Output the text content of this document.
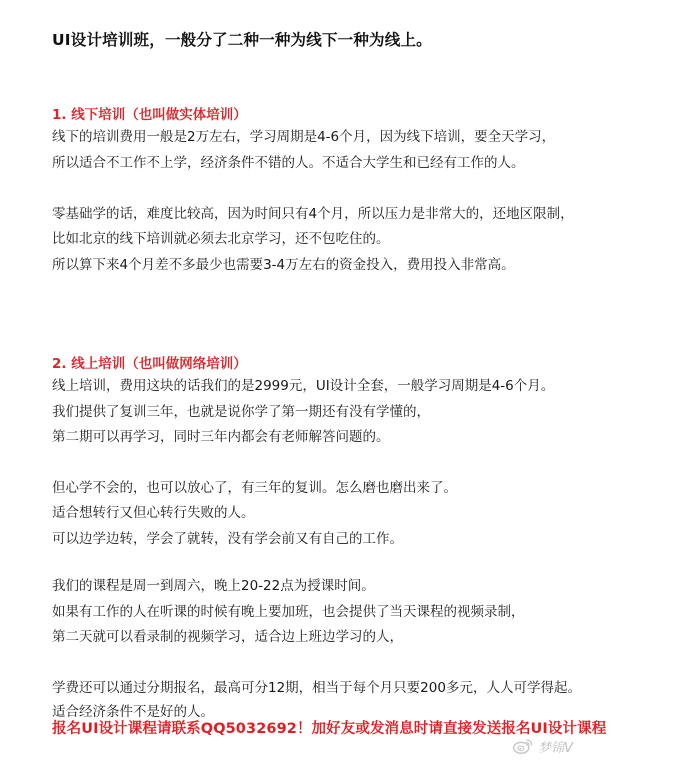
UI设计培训班，一般分了二种一种为线下一种为线上。
1. 线下培训（也叫做实体培训）
线下的培训费用一般是2万左右，学习周期是4-6个月，因为线下培训，要全天学习，
所以适合不工作不上学，经济条件不错的人。不适合大学生和已经有工作的人。
零基础学的话，难度比较高，因为时间只有4个月，所以压力是非常大的，还地区限制，
比如北京的线下培训就必须去北京学习，还不包吃住的。
所以算下来4个月差不多最少也需要3-4万左右的资金投入，费用投入非常高。
2. 线上培训（也叫做网络培训）
线上培训，费用这块的话我们的是2999元，UI设计全套，一般学习周期是4-6个月。
我们提供了复训三年，也就是说你学了第一期还有没有学懂的，
第二期可以再学习，同时三年内都会有老师解答问题的。
但心学不会的，也可以放心了，有三年的复训。怎么磨也磨出来了。
适合想转行又但心转行失败的人。
可以边学边转，学会了就转，没有学会前又有自己的工作。
我们的课程是周一到周六，晚上20-22点为授课时间。
如果有工作的人在听课的时候有晚上要加班，也会提供了当天课程的视频录制，
第二天就可以看录制的视频学习，适合边上班边学习的人，
学费还可以通过分期报名，最高可分12期，相当于每个月只要200多元，人人可学得起。
适合经济条件不是好的人。
报名UI设计课程请联系QQ5032692！加好友或发消息时请直接发送报名UI设计课程
梦锦V
